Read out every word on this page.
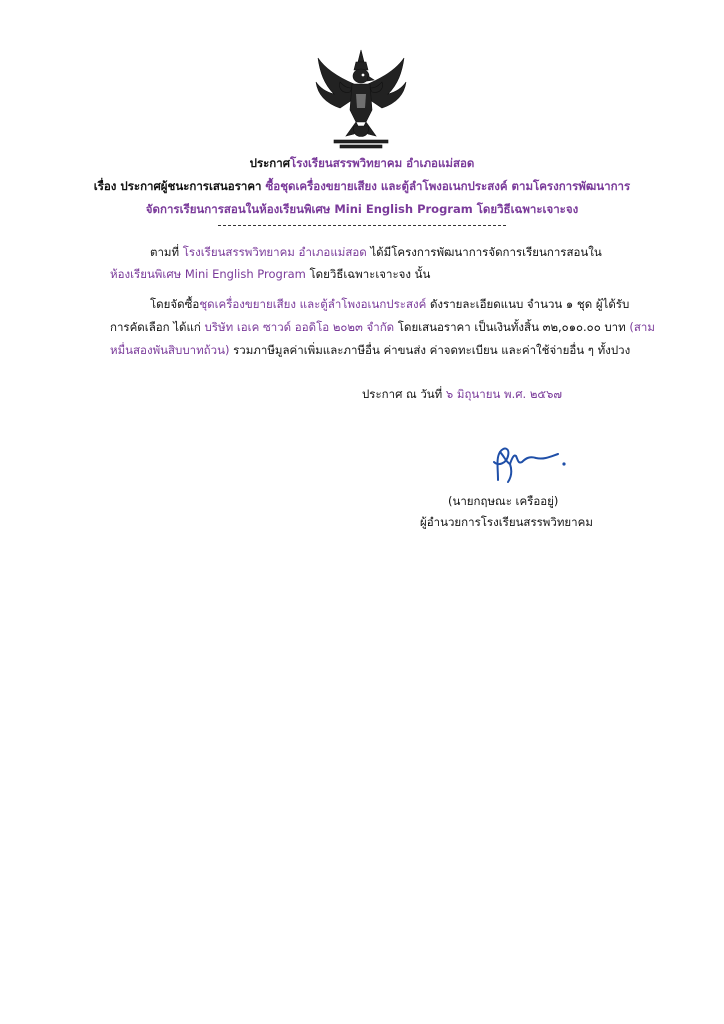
ประกาศโรงเรียนสรรพวิทยาคม อำเภอแม่สอด
เรื่อง ประกาศผู้ชนะการเสนอราคา ซื้อชุดเครื่องขยายเสียง และตู้ลำโพงอเนกประสงค์ ตามโครงการพัฒนาการ
จัดการเรียนการสอนในห้องเรียนพิเศษ Mini English Program โดยวิธีเฉพาะเจาะจง
ตามที่ โรงเรียนสรรพวิทยาคม อำเภอแม่สอด ได้มีโครงการพัฒนาการจัดการเรียนการสอนใน
ห้องเรียนพิเศษ Mini English Program โดยวิธีเฉพาะเจาะจง นั้น
โดยจัดซื้อชุดเครื่องขยายเสียง และตู้ลำโพงอเนกประสงค์ ดังรายละเอียดแนบ จำนวน ๑ ชุด ผู้ได้รับ
การคัดเลือก ได้แก่ บริษัท เอเค ซาวด์ ออดิโอ ๒๐๒๓ จำกัด โดยเสนอราคา เป็นเงินทั้งสิ้น ๓๒,๐๑๐.๐๐ บาท (สาม
หมื่นสองพันสิบบาทถ้วน) รวมภาษีมูลค่าเพิ่มและภาษีอื่น ค่าขนส่ง ค่าจดทะเบียน และค่าใช้จ่ายอื่น ๆ ทั้งปวง
ประกาศ ณ วันที่ ๖ มิถุนายน พ.ศ. ๒๕๖๗
(นายกฤษณะ เครืออยู่)
ผู้อำนวยการโรงเรียนสรรพวิทยาคม
